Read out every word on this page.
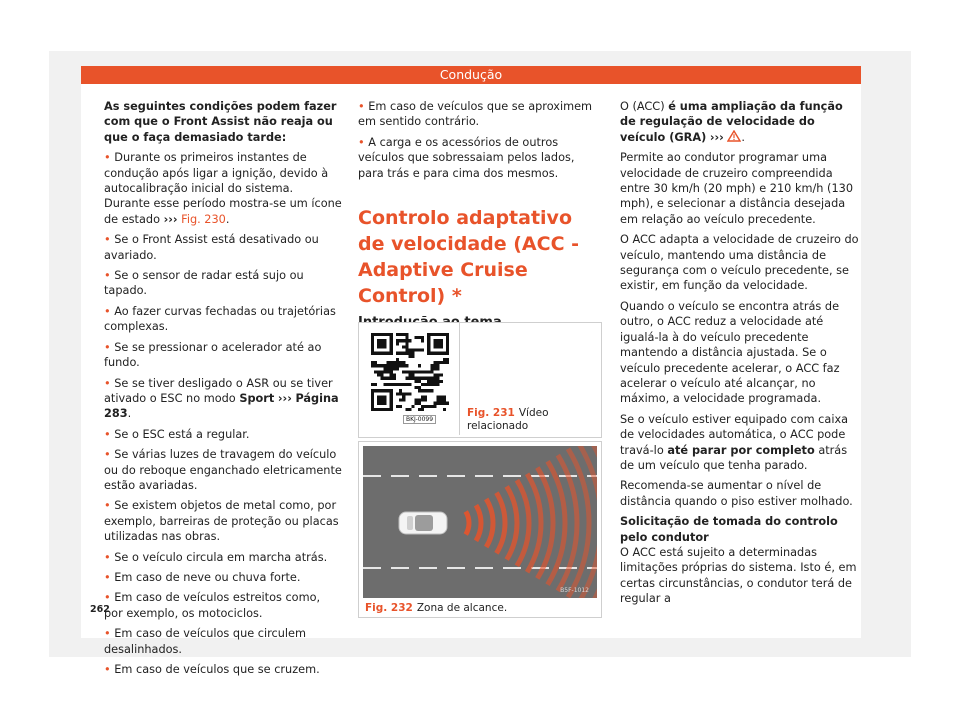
Condução

As seguintes condições podem fazer com que o Front Assist não reaja ou que o faça demasiado tarde:

• Durante os primeiros instantes de condução após ligar a ignição, devido à autocalibração inicial do sistema. Durante esse período mostra-se um ícone de estado ››› Fig. 230.

• Se o Front Assist está desativado ou avariado.

• Se o sensor de radar está sujo ou tapado.

• Ao fazer curvas fechadas ou trajetórias complexas.

• Se se pressionar o acelerador até ao fundo.

• Se se tiver desligado o ASR ou se tiver ativado o ESC no modo Sport ››› Página 283.

• Se o ESC está a regular.

• Se várias luzes de travagem do veículo ou do reboque enganchado eletricamente estão avariadas.

• Se existem objetos de metal como, por exemplo, barreiras de proteção ou placas utilizadas nas obras.

• Se o veículo circula em marcha atrás.

• Em caso de neve ou chuva forte.

• Em caso de veículos estreitos como, por exemplo, os motociclos.

• Em caso de veículos que circulem desalinhados.

• Em caso de veículos que se cruzem.

• Em caso de veículos que se aproximem em sentido contrário.

• A carga e os acessórios de outros veículos que sobressaiam pelos lados, para trás e para cima dos mesmos.

Controlo adaptativo de velocidade (ACC - Adaptive Cruise Control) *
BKJ-0099
Fig. 231 Vídeo relacionado
B5F-1012
Fig. 232 Zona de alcance.

O (ACC) é uma ampliação da função de regulação de velocidade do veículo (GRA) ››› .

Permite ao condutor programar uma velocidade de cruzeiro compreendida entre 30 km/h (20 mph) e 210 km/h (130 mph), e selecionar a distância desejada em relação ao veículo precedente.

O ACC adapta a velocidade de cruzeiro do veículo, mantendo uma distância de segurança com o veículo precedente, se existir, em função da velocidade.

Quando o veículo se encontra atrás de outro, o ACC reduz a velocidade até igualá-la à do veículo precedente mantendo a distância ajustada. Se o veículo precedente acelerar, o ACC faz acelerar o veículo até alcançar, no máximo, a velocidade programada.

Se o veículo estiver equipado com caixa de velocidades automática, o ACC pode travá-lo até parar por completo atrás de um veículo que tenha parado.

Recomenda-se aumentar o nível de distância quando o piso estiver molhado.

Solicitação de tomada do controlo pelo condutor

O ACC está sujeito a determinadas limitações próprias do sistema. Isto é, em certas circunstâncias, o condutor terá de regular a

262
